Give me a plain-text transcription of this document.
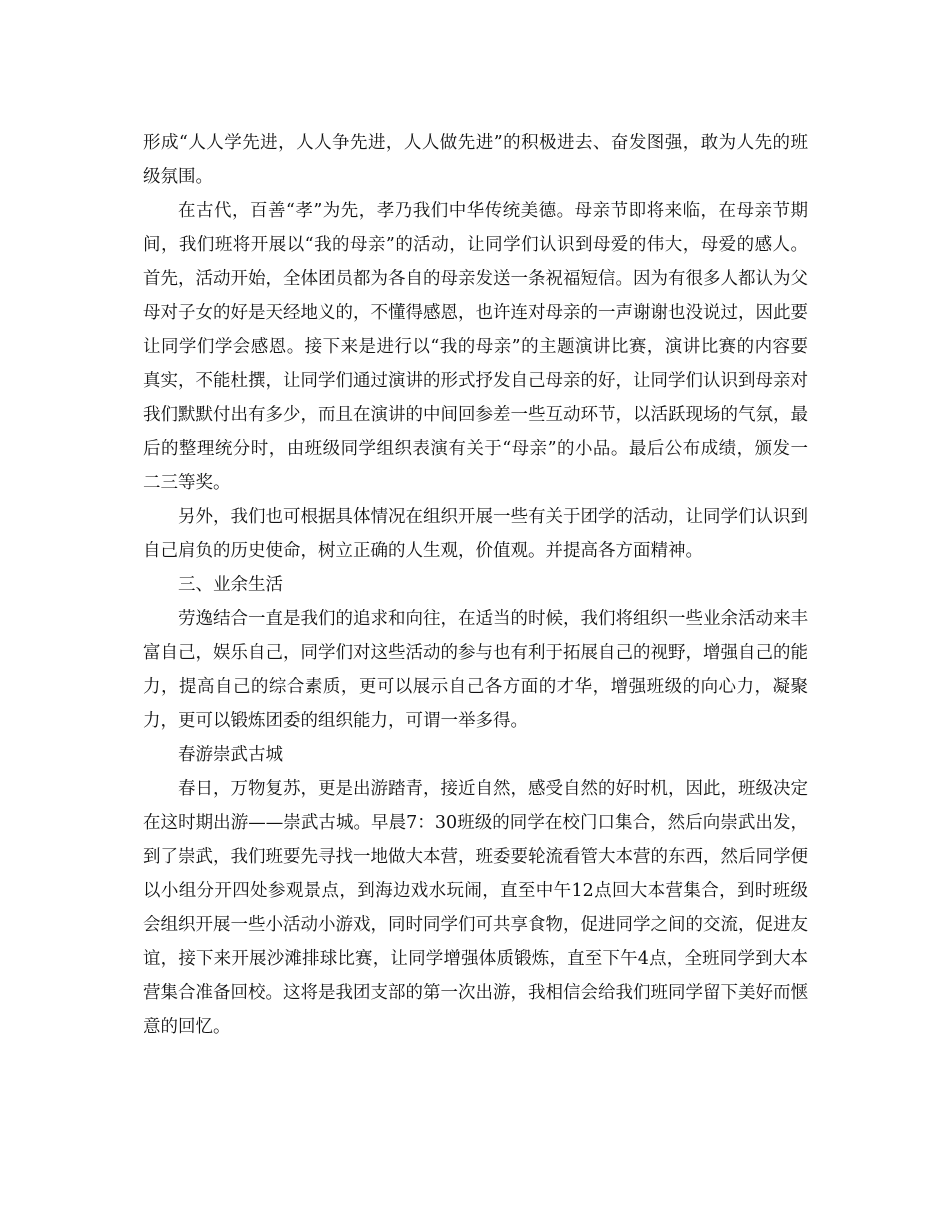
形成“人人学先进，人人争先进，人人做先进”的积极进去、奋发图强，敢为人先的班级氛围。

在古代，百善“孝”为先，孝乃我们中华传统美德。母亲节即将来临，在母亲节期间，我们班将开展以“我的母亲”的活动，让同学们认识到母爱的伟大，母爱的感人。首先，活动开始，全体团员都为各自的母亲发送一条祝福短信。因为有很多人都认为父母对子女的好是天经地义的，不懂得感恩，也许连对母亲的一声谢谢也没说过，因此要让同学们学会感恩。接下来是进行以“我的母亲”的主题演讲比赛，演讲比赛的内容要真实，不能杜撰，让同学们通过演讲的形式抒发自己母亲的好，让同学们认识到母亲对我们默默付出有多少，而且在演讲的中间回参差一些互动环节，以活跃现场的气氛，最后的整理统分时，由班级同学组织表演有关于“母亲”的小品。最后公布成绩，颁发一二三等奖。

另外，我们也可根据具体情况在组织开展一些有关于团学的活动，让同学们认识到自己肩负的历史使命，树立正确的人生观，价值观。并提高各方面精神。

三、业余生活

劳逸结合一直是我们的追求和向往，在适当的时候，我们将组织一些业余活动来丰富自己，娱乐自己，同学们对这些活动的参与也有利于拓展自己的视野，增强自己的能力，提高自己的综合素质，更可以展示自己各方面的才华，增强班级的向心力，凝聚力，更可以锻炼团委的组织能力，可谓一举多得。

春游崇武古城

春日，万物复苏，更是出游踏青，接近自然，感受自然的好时机，因此，班级决定在这时期出游——崇武古城。早晨7：30班级的同学在校门口集合，然后向崇武出发，到了崇武，我们班要先寻找一地做大本营，班委要轮流看管大本营的东西，然后同学便以小组分开四处参观景点，到海边戏水玩闹，直至中午12点回大本营集合，到时班级会组织开展一些小活动小游戏，同时同学们可共享食物，促进同学之间的交流，促进友谊，接下来开展沙滩排球比赛，让同学增强体质锻炼，直至下午4点，全班同学到大本营集合准备回校。这将是我团支部的第一次出游，我相信会给我们班同学留下美好而惬意的回忆。
